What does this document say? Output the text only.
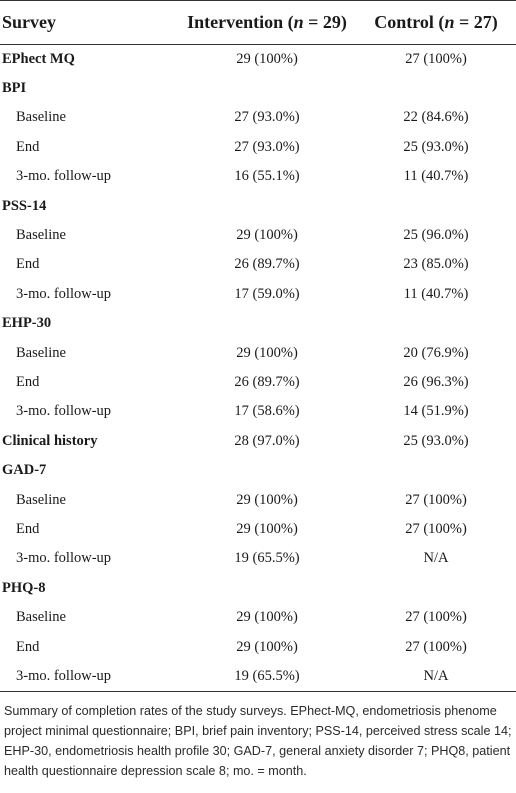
Survey	Intervention (n = 29)	Control (n = 27)
EPhect MQ	29 (100%)	27 (100%)
BPI		
Baseline	27 (93.0%)	22 (84.6%)
End	27 (93.0%)	25 (93.0%)
3-mo. follow-up	16 (55.1%)	11 (40.7%)
PSS-14		
Baseline	29 (100%)	25 (96.0%)
End	26 (89.7%)	23 (85.0%)
3-mo. follow-up	17 (59.0%)	11 (40.7%)
EHP-30		
Baseline	29 (100%)	20 (76.9%)
End	26 (89.7%)	26 (96.3%)
3-mo. follow-up	17 (58.6%)	14 (51.9%)
Clinical history	28 (97.0%)	25 (93.0%)
GAD-7		
Baseline	29 (100%)	27 (100%)
End	29 (100%)	27 (100%)
3-mo. follow-up	19 (65.5%)	N/A
PHQ-8		
Baseline	29 (100%)	27 (100%)
End	29 (100%)	27 (100%)
3-mo. follow-up	19 (65.5%)	N/A
Summary of completion rates of the study surveys. EPhect-MQ, endometriosis phenome project minimal questionnaire; BPI, brief pain inventory; PSS-14, perceived stress scale 14; EHP-30, endometriosis health profile 30; GAD-7, general anxiety disorder 7; PHQ8, patient health questionnaire depression scale 8; mo. = month.
